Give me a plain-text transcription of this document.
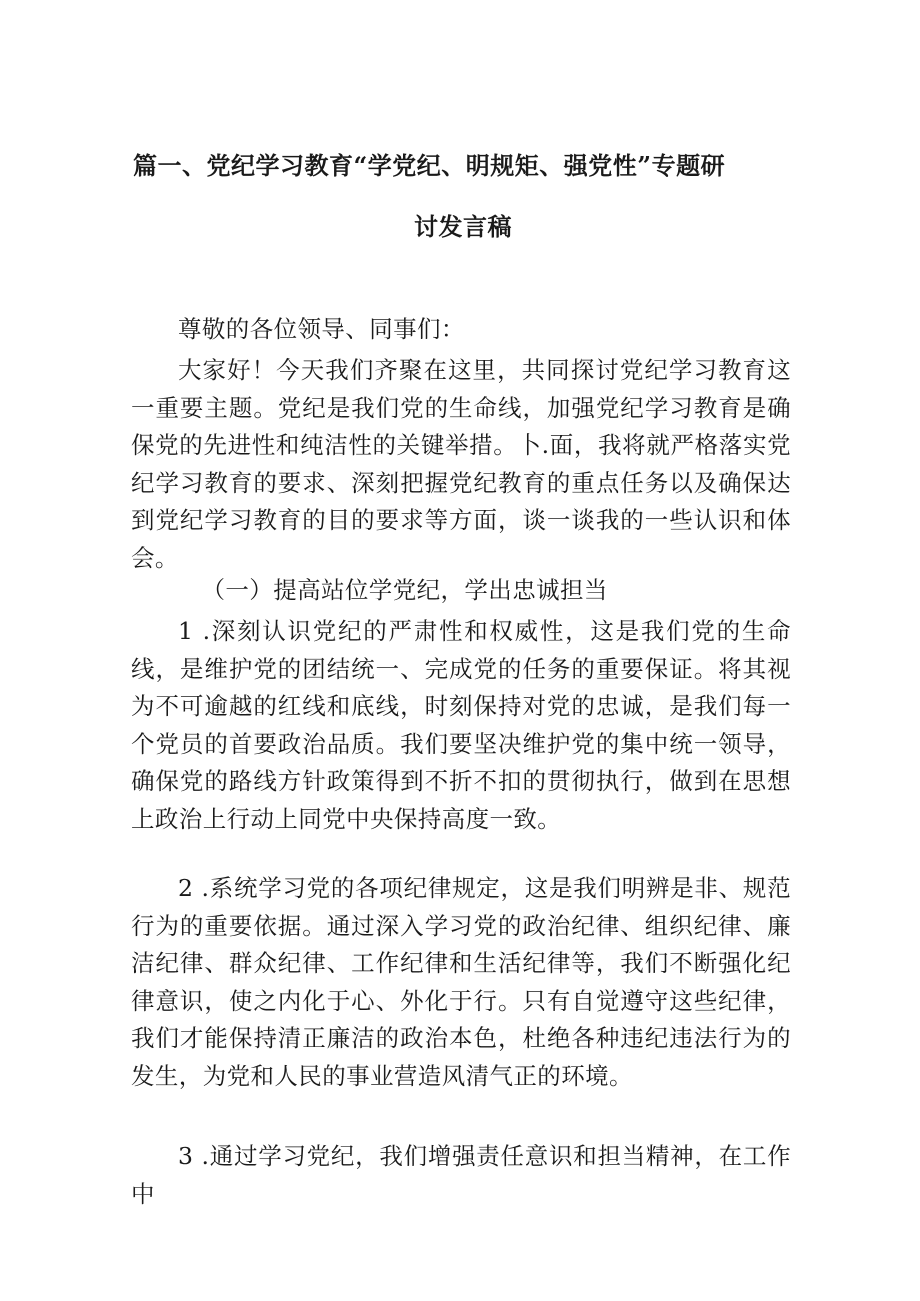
篇一、党纪学习教育“学党纪、明规矩、强党性”专题研
讨发言稿

尊敬的各位领导、同事们：

大家好！今天我们齐聚在这里，共同探讨党纪学习教育这一重要主题。党纪是我们党的生命线，加强党纪学习教育是确保党的先进性和纯洁性的关键举措。卜.面，我将就严格落实党纪学习教育的要求、深刻把握党纪教育的重点任务以及确保达到党纪学习教育的目的要求等方面，谈一谈我的一些认识和体会。

（一）提高站位学党纪，学出忠诚担当

1 .深刻认识党纪的严肃性和权威性，这是我们党的生命线，是维护党的团结统一、完成党的任务的重要保证。将其视为不可逾越的红线和底线，时刻保持对党的忠诚，是我们每一个党员的首要政治品质。我们要坚决维护党的集中统一领导，确保党的路线方针政策得到不折不扣的贯彻执行，做到在思想上政治上行动上同党中央保持高度一致。

2 .系统学习党的各项纪律规定，这是我们明辨是非、规范行为的重要依据。通过深入学习党的政治纪律、组织纪律、廉洁纪律、群众纪律、工作纪律和生活纪律等，我们不断强化纪律意识，使之内化于心、外化于行。只有自觉遵守这些纪律，我们才能保持清正廉洁的政治本色，杜绝各种违纪违法行为的发生，为党和人民的事业营造风清气正的环境。

3 .通过学习党纪，我们增强责任意识和担当精神，在工作中
